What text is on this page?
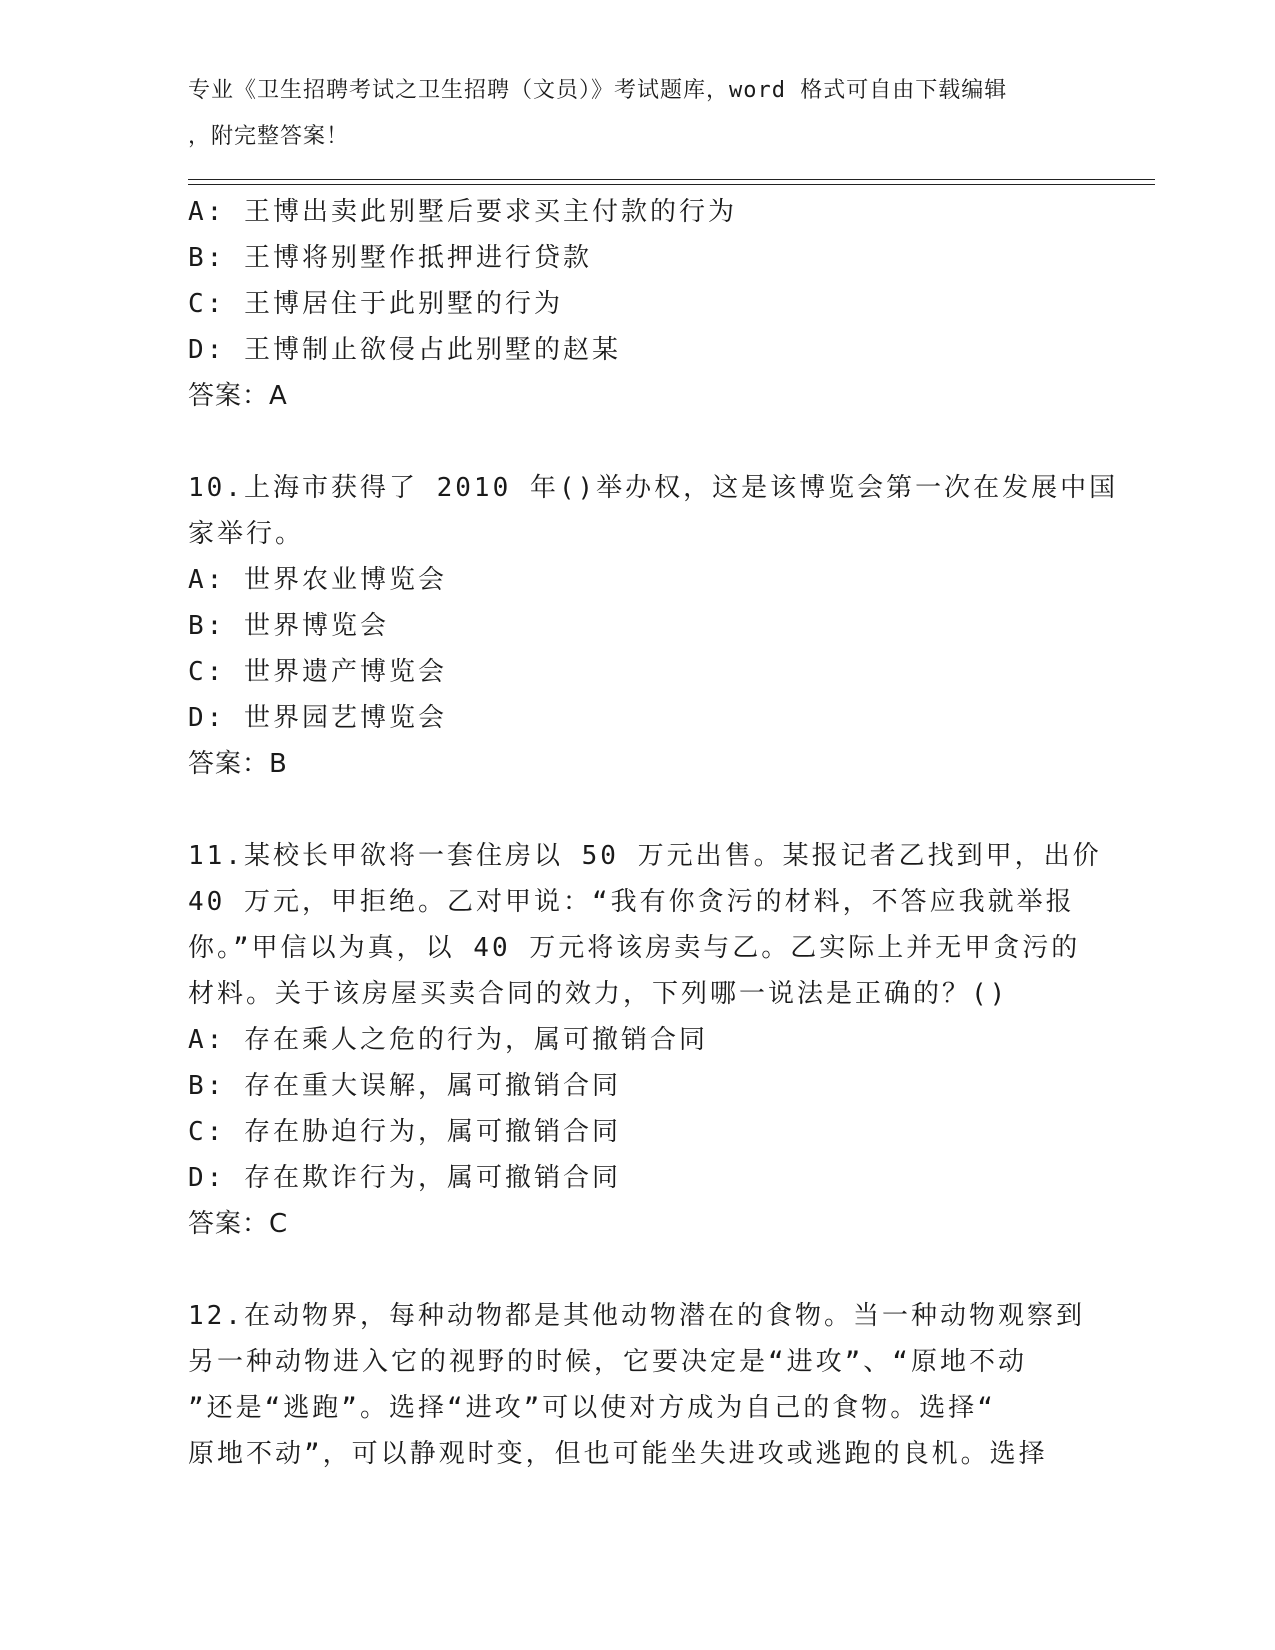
专业《卫生招聘考试之卫生招聘（文员）》考试题库，word 格式可自由下载编辑
，附完整答案！
A: 王博出卖此别墅后要求买主付款的行为
B: 王博将别墅作抵押进行贷款
C: 王博居住于此别墅的行为
D: 王博制止欲侵占此别墅的赵某
答案：A
10.上海市获得了 2010 年()举办权，这是该博览会第一次在发展中国
家举行。
A: 世界农业博览会
B: 世界博览会
C: 世界遗产博览会
D: 世界园艺博览会
答案：B
11.某校长甲欲将一套住房以 50 万元出售。某报记者乙找到甲，出价
40 万元，甲拒绝。乙对甲说：“我有你贪污的材料，不答应我就举报
你。”甲信以为真，以 40 万元将该房卖与乙。乙实际上并无甲贪污的
材料。关于该房屋买卖合同的效力，下列哪一说法是正确的？()
A: 存在乘人之危的行为，属可撤销合同
B: 存在重大误解，属可撤销合同
C: 存在胁迫行为，属可撤销合同
D: 存在欺诈行为，属可撤销合同
答案：C
12.在动物界，每种动物都是其他动物潜在的食物。当一种动物观察到
另一种动物进入它的视野的时候，它要决定是“进攻”、“原地不动
”还是“逃跑”。选择“进攻”可以使对方成为自己的食物。选择“
原地不动”，可以静观时变，但也可能坐失进攻或逃跑的良机。选择
